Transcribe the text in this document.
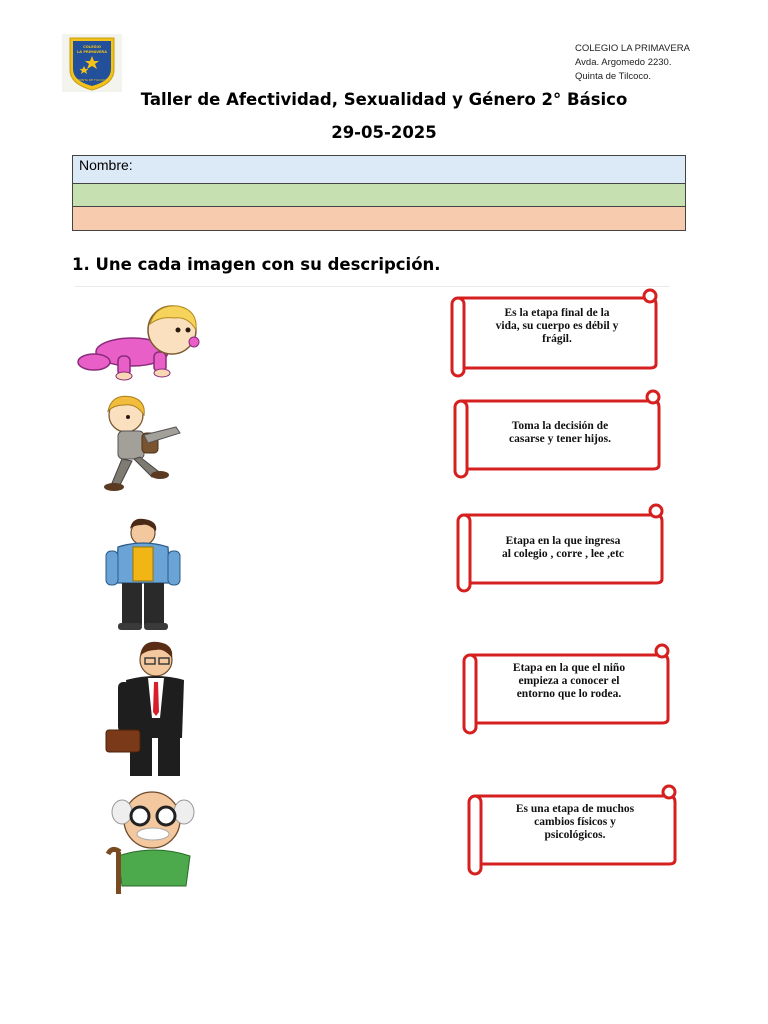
COLEGIO
LA PRIMAVERA
QUINTA DE TILCOCO
COLEGIO LA PRIMAVERA
Avda. Argomedo 2230.
Quinta de Tilcoco.
Taller de Afectividad, Sexualidad y Género 2° Básico
29-05-2025
Nombre:

1. Une cada imagen con su descripción.
Es la etapa final de la
vida, su cuerpo es débil y
frágil.
Toma la decisión de
casarse y tener hijos.
Etapa en la que ingresa
al colegio , corre , lee ,etc
Etapa en la que el niño
empieza a conocer el
entorno que lo rodea.
Es una etapa de muchos
cambios físicos y
psicológicos.
